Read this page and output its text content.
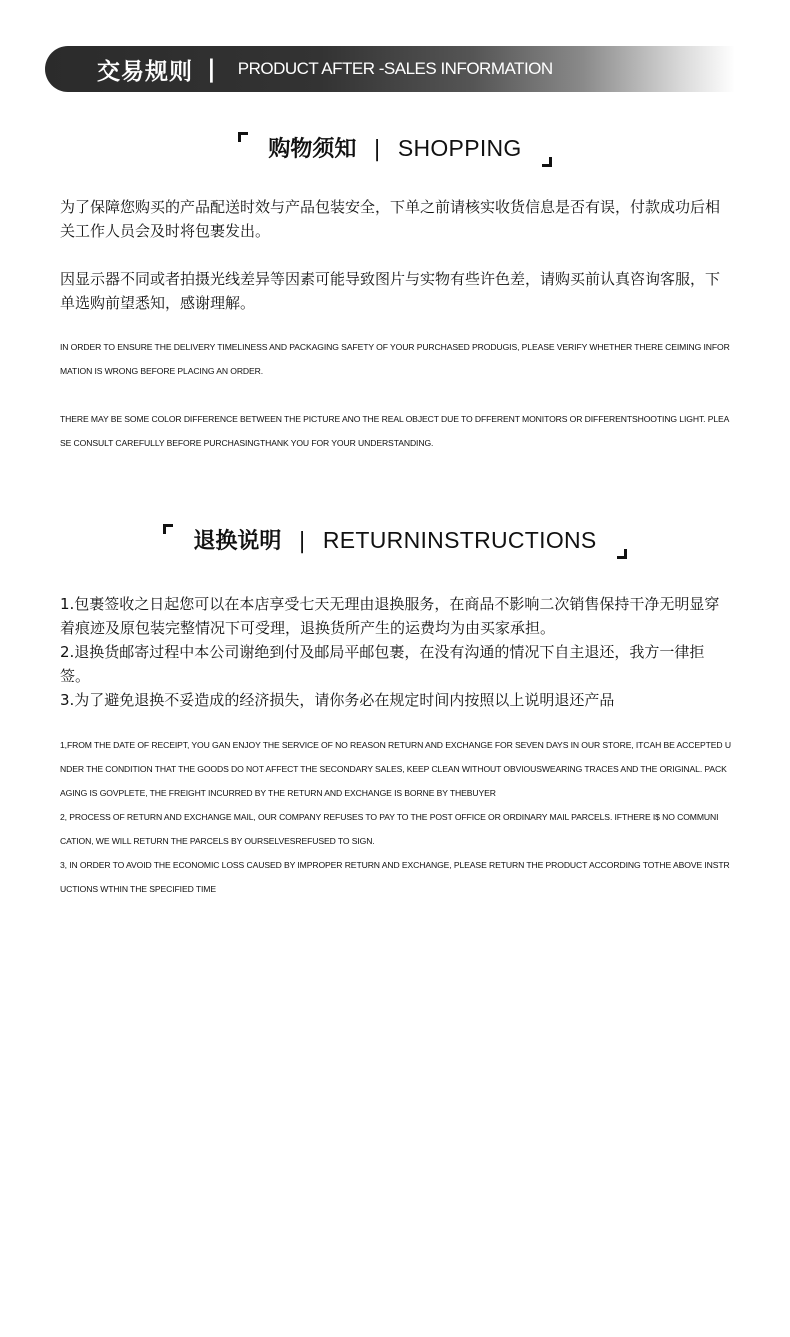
交易规则 | PRODUCT AFTER -SALES INFORMATION
购物须知 | SHOPPING
为了保障您购买的产品配送时效与产品包装安全，下单之前请核实收货信息是否有误，付款成功后相关工作人员会及时将包裹发出。
因显示器不同或者拍摄光线差异等因素可能导致图片与实物有些许色差，请购买前认真咨询客服，下单选购前望悉知，感谢理解。
IN ORDER TO ENSURE THE DELIVERY TIMELINESS AND PACKAGING SAFETY OF YOUR PURCHASED PRODUGIS, PLEASE VERIFY WHETHER THERE CEIMING INFORMATION IS WRONG BEFORE PLACING AN ORDER.
THERE MAY BE SOME COLOR DIFFERENCE BETWEEN THE PICTURE ANO THE REAL OBJECT DUE TO DFFERENT MONITORS OR DIFFERENTSHOOTING LIGHT. PLEASE CONSULT CAREFULLY BEFORE PURCHASINGTHANK YOU FOR YOUR UNDERSTANDING.
退换说明 | RETURNINSTRUCTIONS
1.包裹签收之日起您可以在本店享受七天无理由退换服务，在商品不影响二次销售保持干净无明显穿着痕迹及原包装完整情况下可受理，退换货所产生的运费均为由买家承担。
2.退换货邮寄过程中本公司谢绝到付及邮局平邮包裹，在没有沟通的情况下自主退还，我方一律拒签。
3.为了避免退换不妥造成的经济损失，请你务必在规定时间内按照以上说明退还产品
1,FROM THE DATE OF RECEIPT, YOU GAN ENJOY THE SERVICE OF NO REASON RETURN AND EXCHANGE FOR SEVEN DAYS IN OUR STORE, ITCAH BE ACCEPTED UNDER THE CONDITION THAT THE GOODS DO NOT AFFECT THE SECONDARY SALES, KEEP CLEAN WITHOUT OBVIOUSWEARING TRACES AND THE ORIGINAL. PACKAGING IS GOVPLETE, THE FREIGHT INCURRED BY THE RETURN AND EXCHANGE IS BORNE BY THEBUYER
2, PROCESS OF RETURN AND EXCHANGE MAIL, OUR COMPANY REFUSES TO PAY TO THE POST OFFICE OR ORDINARY MAIL PARCELS. IFTHERE I$ NO COMMUNI
CATION, WE WILL RETURN THE PARCELS BY OURSELVESREFUSED TO SIGN.
3, IN ORDER TO AVOID THE ECONOMIC LOSS CAUSED BY IMPROPER RETURN AND EXCHANGE, PLEASE RETURN THE PRODUCT ACCORDING TOTHE ABOVE INSTRUCTIONS WTHIN THE SPECIFIED TIME
